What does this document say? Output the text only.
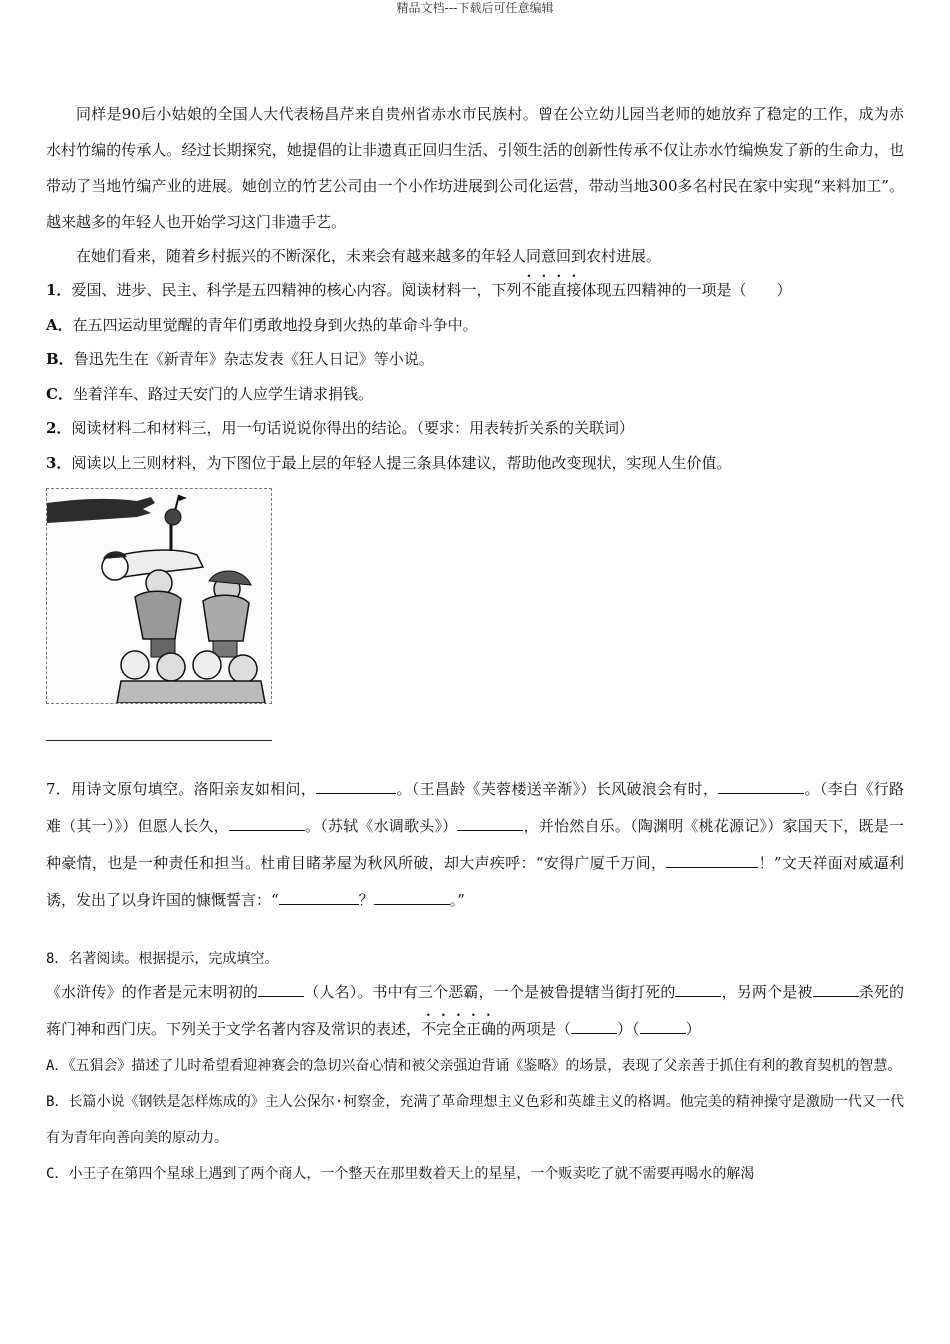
精品文档---下载后可任意编辑

同样是90后小姑娘的全国人大代表杨昌芹来自贵州省赤水市民族村。曾在公立幼儿园当老师的她放弃了稳定的工作，成为赤水村竹编的传承人。经过长期探究，她提倡的让非遗真正回归生活、引领生活的创新性传承不仅让赤水竹编焕发了新的生命力，也带动了当地竹编产业的进展。她创立的竹艺公司由一个小作坊进展到公司化运营，带动当地300多名村民在家中实现“来料加工”。越来越多的年轻人也开始学习这门非遗手艺。

在她们看来，随着乡村振兴的不断深化，未来会有越来越多的年轻人同意回到农村进展。

1．爱国、进步、民主、科学是五四精神的核心内容。阅读材料一，下列不能直接体现五四精神的一项是（　　）

A．在五四运动里觉醒的青年们勇敢地投身到火热的革命斗争中。

B．鲁迅先生在《新青年》杂志发表《狂人日记》等小说。

C．坐着洋车、路过天安门的人应学生请求捐钱。

2．阅读材料二和材料三，用一句话说说你得出的结论。（要求：用表转折关系的关联词）

3．阅读以上三则材料，为下图位于最上层的年轻人提三条具体建议，帮助他改变现状，实现人生价值。

7．用诗文原句填空。洛阳亲友如相问，	。（王昌龄《芙蓉楼送辛渐》）长风破浪会有时，	。（李白《行路难（其一）》）但愿人长久，	。（苏轼《水调歌头》）	，并怡然自乐。（陶渊明《桃花源记》）家国天下，既是一种豪情，也是一种责任和担当。杜甫目睹茅屋为秋风所破，却大声疾呼：“安得广厦千万间，	！”文天祥面对威逼利诱，发出了以身许国的慷慨誓言：“	？	。”

8．名著阅读。根据提示，完成填空。

《水浒传》的作者是元末明初的	（人名）。书中有三个恶霸，一个是被鲁提辖当街打死的	，另两个是被	杀死的蒋门神和西门庆。下列关于文学名著内容及常识的表述，不完全正确的两项是（	）（	）

A．《五猖会》描述了儿时希望看迎神赛会的急切兴奋心情和被父亲强迫背诵《鉴略》的场景，表现了父亲善于抓住有利的教育契机的智慧。

B．长篇小说《钢铁是怎样炼成的》主人公保尔·柯察金，充满了革命理想主义色彩和英雄主义的格调。他完美的精神操守是激励一代又一代有为青年向善向美的原动力。

C．小王子在第四个星球上遇到了两个商人，一个整天在那里数着天上的星星，一个贩卖吃了就不需要再喝水的解渴
